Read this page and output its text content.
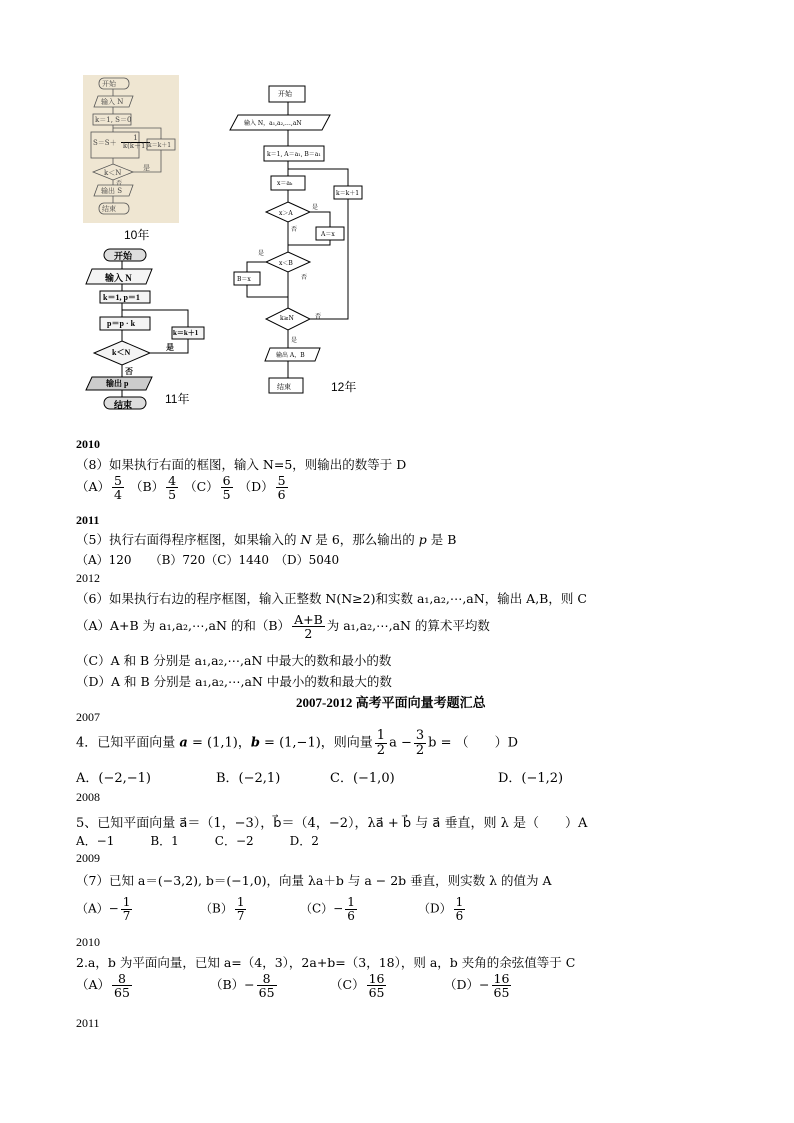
开始
输入 N
k＝1, S＝0
$S=S+ \frac{1}{k(k+1)}$
k＝k＋1
k＜N
是
否
输出 S
结束
10年
开始
输入 N
k＝1, p＝1
p＝p · k
k＝k＋1
k＜N
是
否
输出 p
结束	11年
开始
输入 N，a₁,a₂,…,aN
k＝1, A＝a₁, B＝a₁
x＝aₖ
x＞A
是
否
A＝x
k＝k＋1
x＜B
是
否
B＝x
k≥N	否
是
输出 A，B
结束	12年
2010
（8）如果执行右面的框图，输入 N=5，则输出的数等于 D
$(A) \frac{5}{4} (B) \frac{4}{5} (C) \frac{6}{5} (D) \frac{5}{6}$
2011
（5）执行右面得程序框图，如果输入的 N 是 6，那么输出的 p 是 B
（A）120　　（B）720（C）1440　（D）5040
2012
（6）如果执行右边的程序框图，输入正整数 N(N≥2)和实数 a₁,a₂,⋯,aN，输出 A,B，则 C
（A）A+B 为 a₁,a₂,⋯,aN 的和$(B) \frac{A+B}{2}$ 为 a₁,a₂,⋯,aN 的算术平均数
（C）A 和 B 分别是 a₁,a₂,⋯,aN 中最大的数和最小的数
（D）A 和 B 分别是 a₁,a₂,⋯,aN 中最小的数和最大的数
2007-2012 高考平面向量考题汇总
2007
4．已知平面向量 a = (1,1)，b = (1,−1)，则向量 $\frac{1}{2}$ $a - \frac{3}{2}$ b = （　　）D
A．(−2,−1)	B．(−2,1)	C．(−1,0)	D．(−1,2)
2008
5、已知平面向量 a⃗＝（1，−3），b⃗＝（4，−2），λa⃗ + b⃗ 与 a⃗ 垂直，则 λ 是（　　）A
A．−1　　　B．1　　　C．−2　　　D．2
2009
（7）已知 a＝(−3,2), b＝(−1,0)，向量 λa＋b 与 a − 2b 垂直，则实数 λ 的值为 A
$(A)- \frac{1}{7}$	$(B) \frac{1}{7}$	$(C)- \frac{1}{6}$	$(D) \frac{1}{6}$
2010
2.a，b 为平面向量，已知 a=（4，3），2a+b=（3，18），则 a，b 夹角的余弦值等于 C
$(A) \frac{8}{65}$	$(B)- \frac{8}{65}$	$(C) \frac{16}{65}$	$(D)- \frac{16}{65}$
2011
